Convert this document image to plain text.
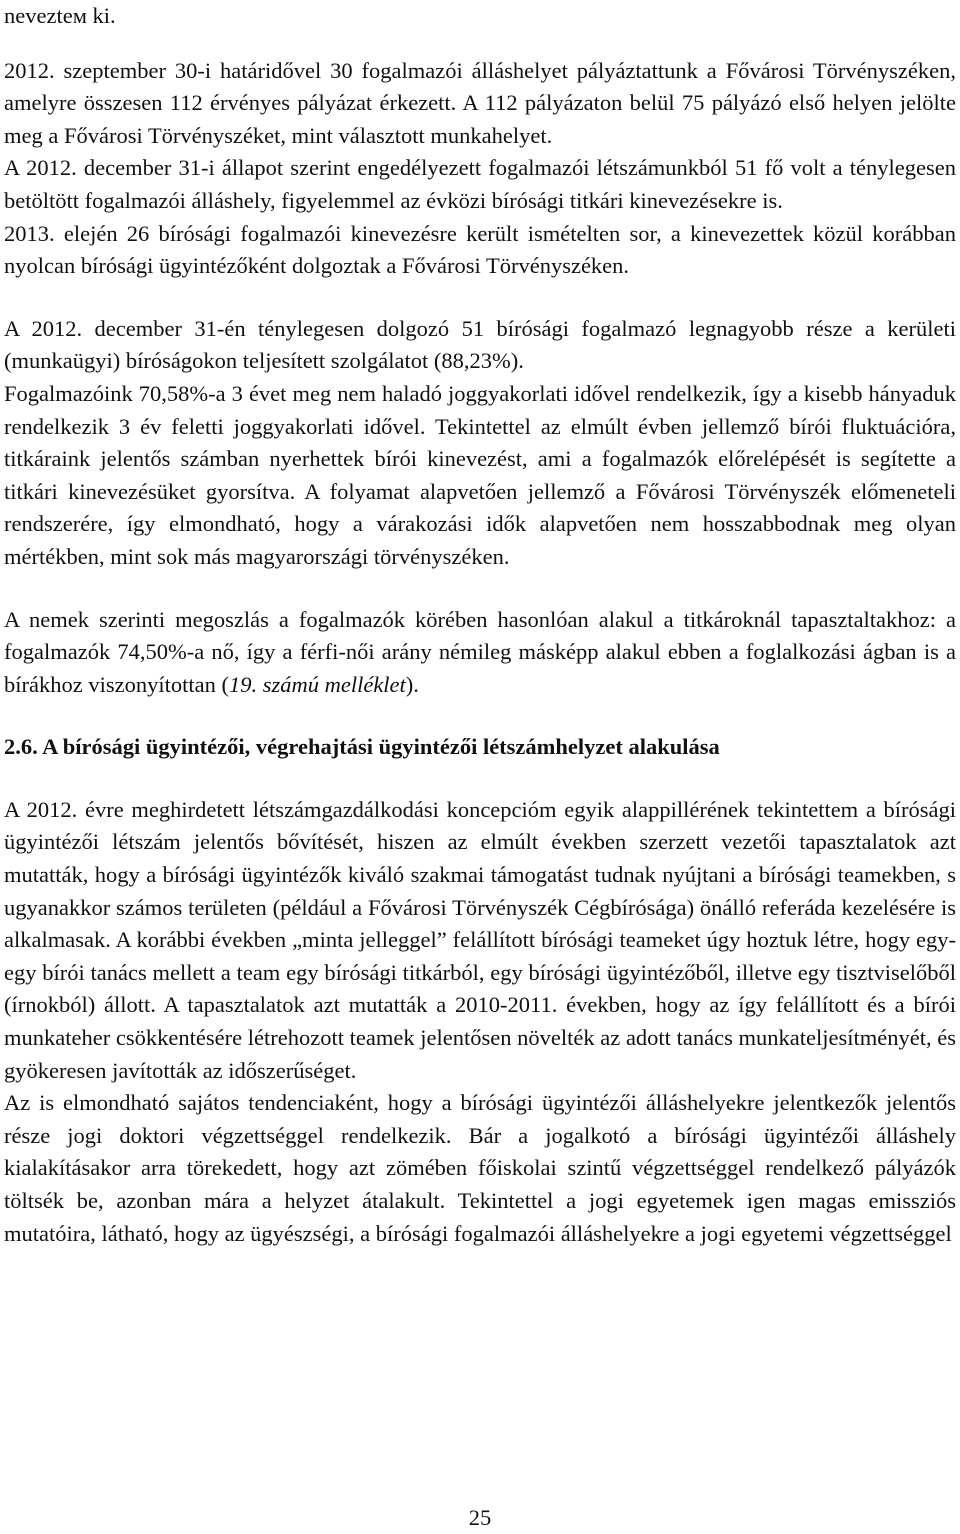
nevezteм ki.

2012. szeptember 30-i határidővel 30 fogalmazói álláshelyet pályáztattunk a Fővárosi Törvényszéken, amelyre összesen 112 érvényes pályázat érkezett. A 112 pályázaton belül 75 pályázó első helyen jelölte meg a Fővárosi Törvényszéket, mint választott munkahelyet.

A 2012. december 31-i állapot szerint engedélyezett fogalmazói létszámunkból 51 fő volt a ténylegesen betöltött fogalmazói álláshely, figyelemmel az évközi bírósági titkári kinevezésekre is.

2013. elején 26 bírósági fogalmazói kinevezésre került ismételten sor, a kinevezettek közül korábban nyolcan bírósági ügyintézőként dolgoztak a Fővárosi Törvényszéken.

A 2012. december 31-én ténylegesen dolgozó 51 bírósági fogalmazó legnagyobb része a kerületi (munkaügyi) bíróságokon teljesített szolgálatot (88,23%).

Fogalmazóink 70,58%-a 3 évet meg nem haladó joggyakorlati idővel rendelkezik, így a kisebb hányaduk rendelkezik 3 év feletti joggyakorlati idővel. Tekintettel az elmúlt évben jellemző bírói fluktuációra, titkáraink jelentős számban nyerhettek bírói kinevezést, ami a fogalmazók előrelépését is segítette a titkári kinevezésüket gyorsítva. A folyamat alapvetően jellemző a Fővárosi Törvényszék előmeneteli rendszerére, így elmondható, hogy a várakozási idők alapvetően nem hosszabbodnak meg olyan mértékben, mint sok más magyarországi törvényszéken.

A nemek szerinti megoszlás a fogalmazók körében hasonlóan alakul a titkároknál tapasztaltakhoz: a fogalmazók 74,50%-a nő, így a férfi-női arány némileg másképp alakul ebben a foglalkozási ágban is a bírákhoz viszonyítottan (19. számú melléklet).

2.6. A bírósági ügyintézői, végrehajtási ügyintézői létszámhelyzet alakulása

A 2012. évre meghirdetett létszámgazdálkodási koncepcióm egyik alappillérének tekintettem a bírósági ügyintézői létszám jelentős bővítését, hiszen az elmúlt években szerzett vezetői tapasztalatok azt mutatták, hogy a bírósági ügyintézők kiváló szakmai támogatást tudnak nyújtani a bírósági teamekben, s ugyanakkor számos területen (például a Fővárosi Törvényszék Cégbírósága) önálló referáda kezelésére is alkalmasak. A korábbi években „minta jelleggel” felállított bírósági teameket úgy hoztuk létre, hogy egy-egy bírói tanács mellett a team egy bírósági titkárból, egy bírósági ügyintézőből, illetve egy tisztviselőből (írnokból) állott. A tapasztalatok azt mutatták a 2010-2011. években, hogy az így felállított és a bírói munkateher csökkentésére létrehozott teamek jelentősen növelték az adott tanács munkateljesítményét, és gyökeresen javították az időszerűséget.

Az is elmondható sajátos tendenciaként, hogy a bírósági ügyintézői álláshelyekre jelentkezők jelentős része jogi doktori végzettséggel rendelkezik. Bár a jogalkotó a bírósági ügyintézői álláshely kialakításakor arra törekedett, hogy azt zömében főiskolai szintű végzettséggel rendelkező pályázók töltsék be, azonban mára a helyzet átalakult. Tekintettel a jogi egyetemek igen magas emissziós mutatóira, látható, hogy az ügyészségi, a bírósági fogalmazói álláshelyekre a jogi egyetemi végzettséggel

25
